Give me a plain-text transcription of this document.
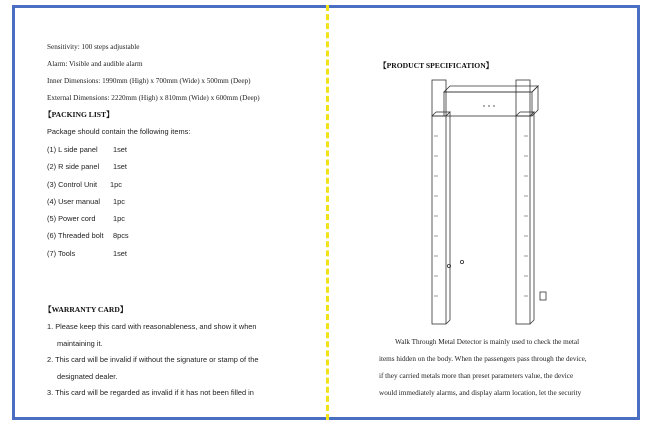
Sensitivity: 100 steps adjustable
Alarm: Visible and audible alarm
Inner Dimensions: 1990mm (High) x 700mm (Wide) x 500mm (Deep)
External Dimensions: 2220mm (High) x 810mm (Wide) x 600mm (Deep)
【PACKING LIST】
Package should contain the following items:
(1) L side panel 1set
(2) R side panel 1set
(3) Control Unit 1pc
(4) User manual 1pc
(5) Power cord 1pc
(6) Threaded bolt 8pcs
(7) Tools	1set
【WARRANTY CARD】
1. Please keep this card with reasonableness, and show it when
maintaining it.
2. This card will be invalid if without the signature or stamp of the
designated dealer.
3. This card will be regarded as invalid if it has not been filled in
【PRODUCT SPECIFICATION】
Walk Through Metal Detector is mainly used to check the metal
items hidden on the body. When the passengers pass through the device,
if they carried metals more than preset parameters value, the device
would immediately alarms, and display alarm location, let the security
